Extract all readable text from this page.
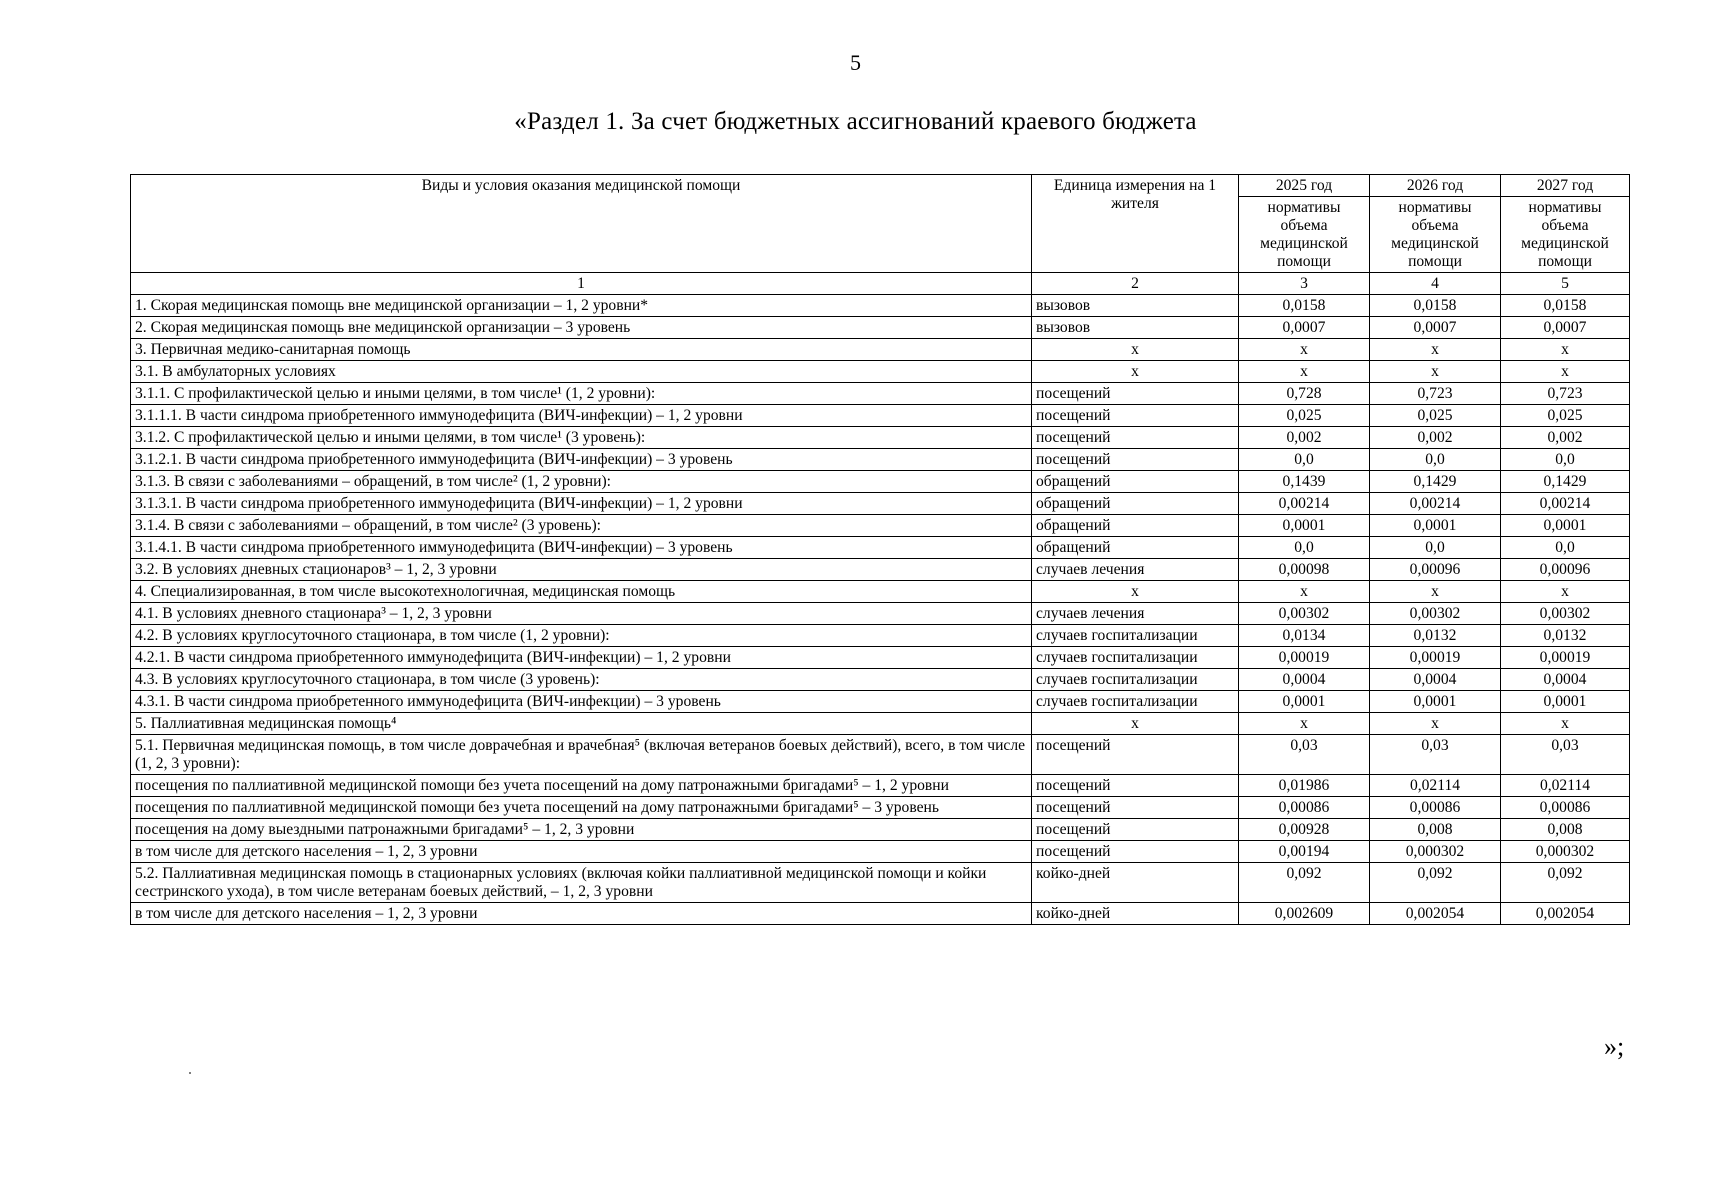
5
«Раздел 1. За счет бюджетных ассигнований краевого бюджета
Виды и условия оказания медицинской помощи	Единица измерения на 1 жителя	2025 год	2026 год	2027 год
		нормативы объема медицинской помощи	нормативы объема медицинской помощи	нормативы объема медицинской помощи
1	2	3	4	5
1. Скорая медицинская помощь вне медицинской организации – 1, 2 уровни*	вызовов	0,0158	0,0158	0,0158
2. Скорая медицинская помощь вне медицинской организации – 3 уровень	вызовов	0,0007	0,0007	0,0007
3. Первичная медико-санитарная помощь	х	х	х	х
3.1. В амбулаторных условиях	х	х	х	х
3.1.1. С профилактической целью и иными целями, в том числе¹ (1, 2 уровни):	посещений	0,728	0,723	0,723
3.1.1.1. В части синдрома приобретенного иммунодефицита (ВИЧ-инфекции) – 1, 2 уровни	посещений	0,025	0,025	0,025
3.1.2. С профилактической целью и иными целями, в том числе¹ (3 уровень):	посещений	0,002	0,002	0,002
3.1.2.1. В части синдрома приобретенного иммунодефицита (ВИЧ-инфекции) – 3 уровень	посещений	0,0	0,0	0,0
3.1.3. В связи с заболеваниями – обращений, в том числе² (1, 2 уровни):	обращений	0,1439	0,1429	0,1429
3.1.3.1. В части синдрома приобретенного иммунодефицита (ВИЧ-инфекции) – 1, 2 уровни	обращений	0,00214	0,00214	0,00214
3.1.4. В связи с заболеваниями – обращений, в том числе² (3 уровень):	обращений	0,0001	0,0001	0,0001
3.1.4.1. В части синдрома приобретенного иммунодефицита (ВИЧ-инфекции) – 3 уровень	обращений	0,0	0,0	0,0
3.2. В условиях дневных стационаров³ – 1, 2, 3 уровни	случаев лечения	0,00098	0,00096	0,00096
4. Специализированная, в том числе высокотехнологичная, медицинская помощь	х	х	х	х
4.1. В условиях дневного стационара³ – 1, 2, 3 уровни	случаев лечения	0,00302	0,00302	0,00302
4.2. В условиях круглосуточного стационара, в том числе (1, 2 уровни):	случаев госпитализации	0,0134	0,0132	0,0132
4.2.1. В части синдрома приобретенного иммунодефицита (ВИЧ-инфекции) – 1, 2 уровни	случаев госпитализации	0,00019	0,00019	0,00019
4.3. В условиях круглосуточного стационара, в том числе (3 уровень):	случаев госпитализации	0,0004	0,0004	0,0004
4.3.1. В части синдрома приобретенного иммунодефицита (ВИЧ-инфекции) – 3 уровень	случаев госпитализации	0,0001	0,0001	0,0001
5. Паллиативная медицинская помощь⁴	х	х	х	х
5.1. Первичная медицинская помощь, в том числе доврачебная и врачебная⁵ (включая ветеранов боевых действий), всего, в том числе (1, 2, 3 уровни):	посещений	0,03	0,03	0,03
посещения по паллиативной медицинской помощи без учета посещений на дому патронажными бригадами⁵ – 1, 2 уровни	посещений	0,01986	0,02114	0,02114
посещения по паллиативной медицинской помощи без учета посещений на дому патронажными бригадами⁵ – 3 уровень	посещений	0,00086	0,00086	0,00086
посещения на дому выездными патронажными бригадами⁵ – 1, 2, 3 уровни	посещений	0,00928	0,008	0,008
в том числе для детского населения – 1, 2, 3 уровни	посещений	0,00194	0,000302	0,000302
5.2. Паллиативная медицинская помощь в стационарных условиях (включая койки паллиативной медицинской помощи и койки сестринского ухода), в том числе ветеранам боевых действий, – 1, 2, 3 уровни	койко-дней	0,092	0,092	0,092
в том числе для детского населения – 1, 2, 3 уровни	койко-дней	0,002609	0,002054	0,002054
»;
